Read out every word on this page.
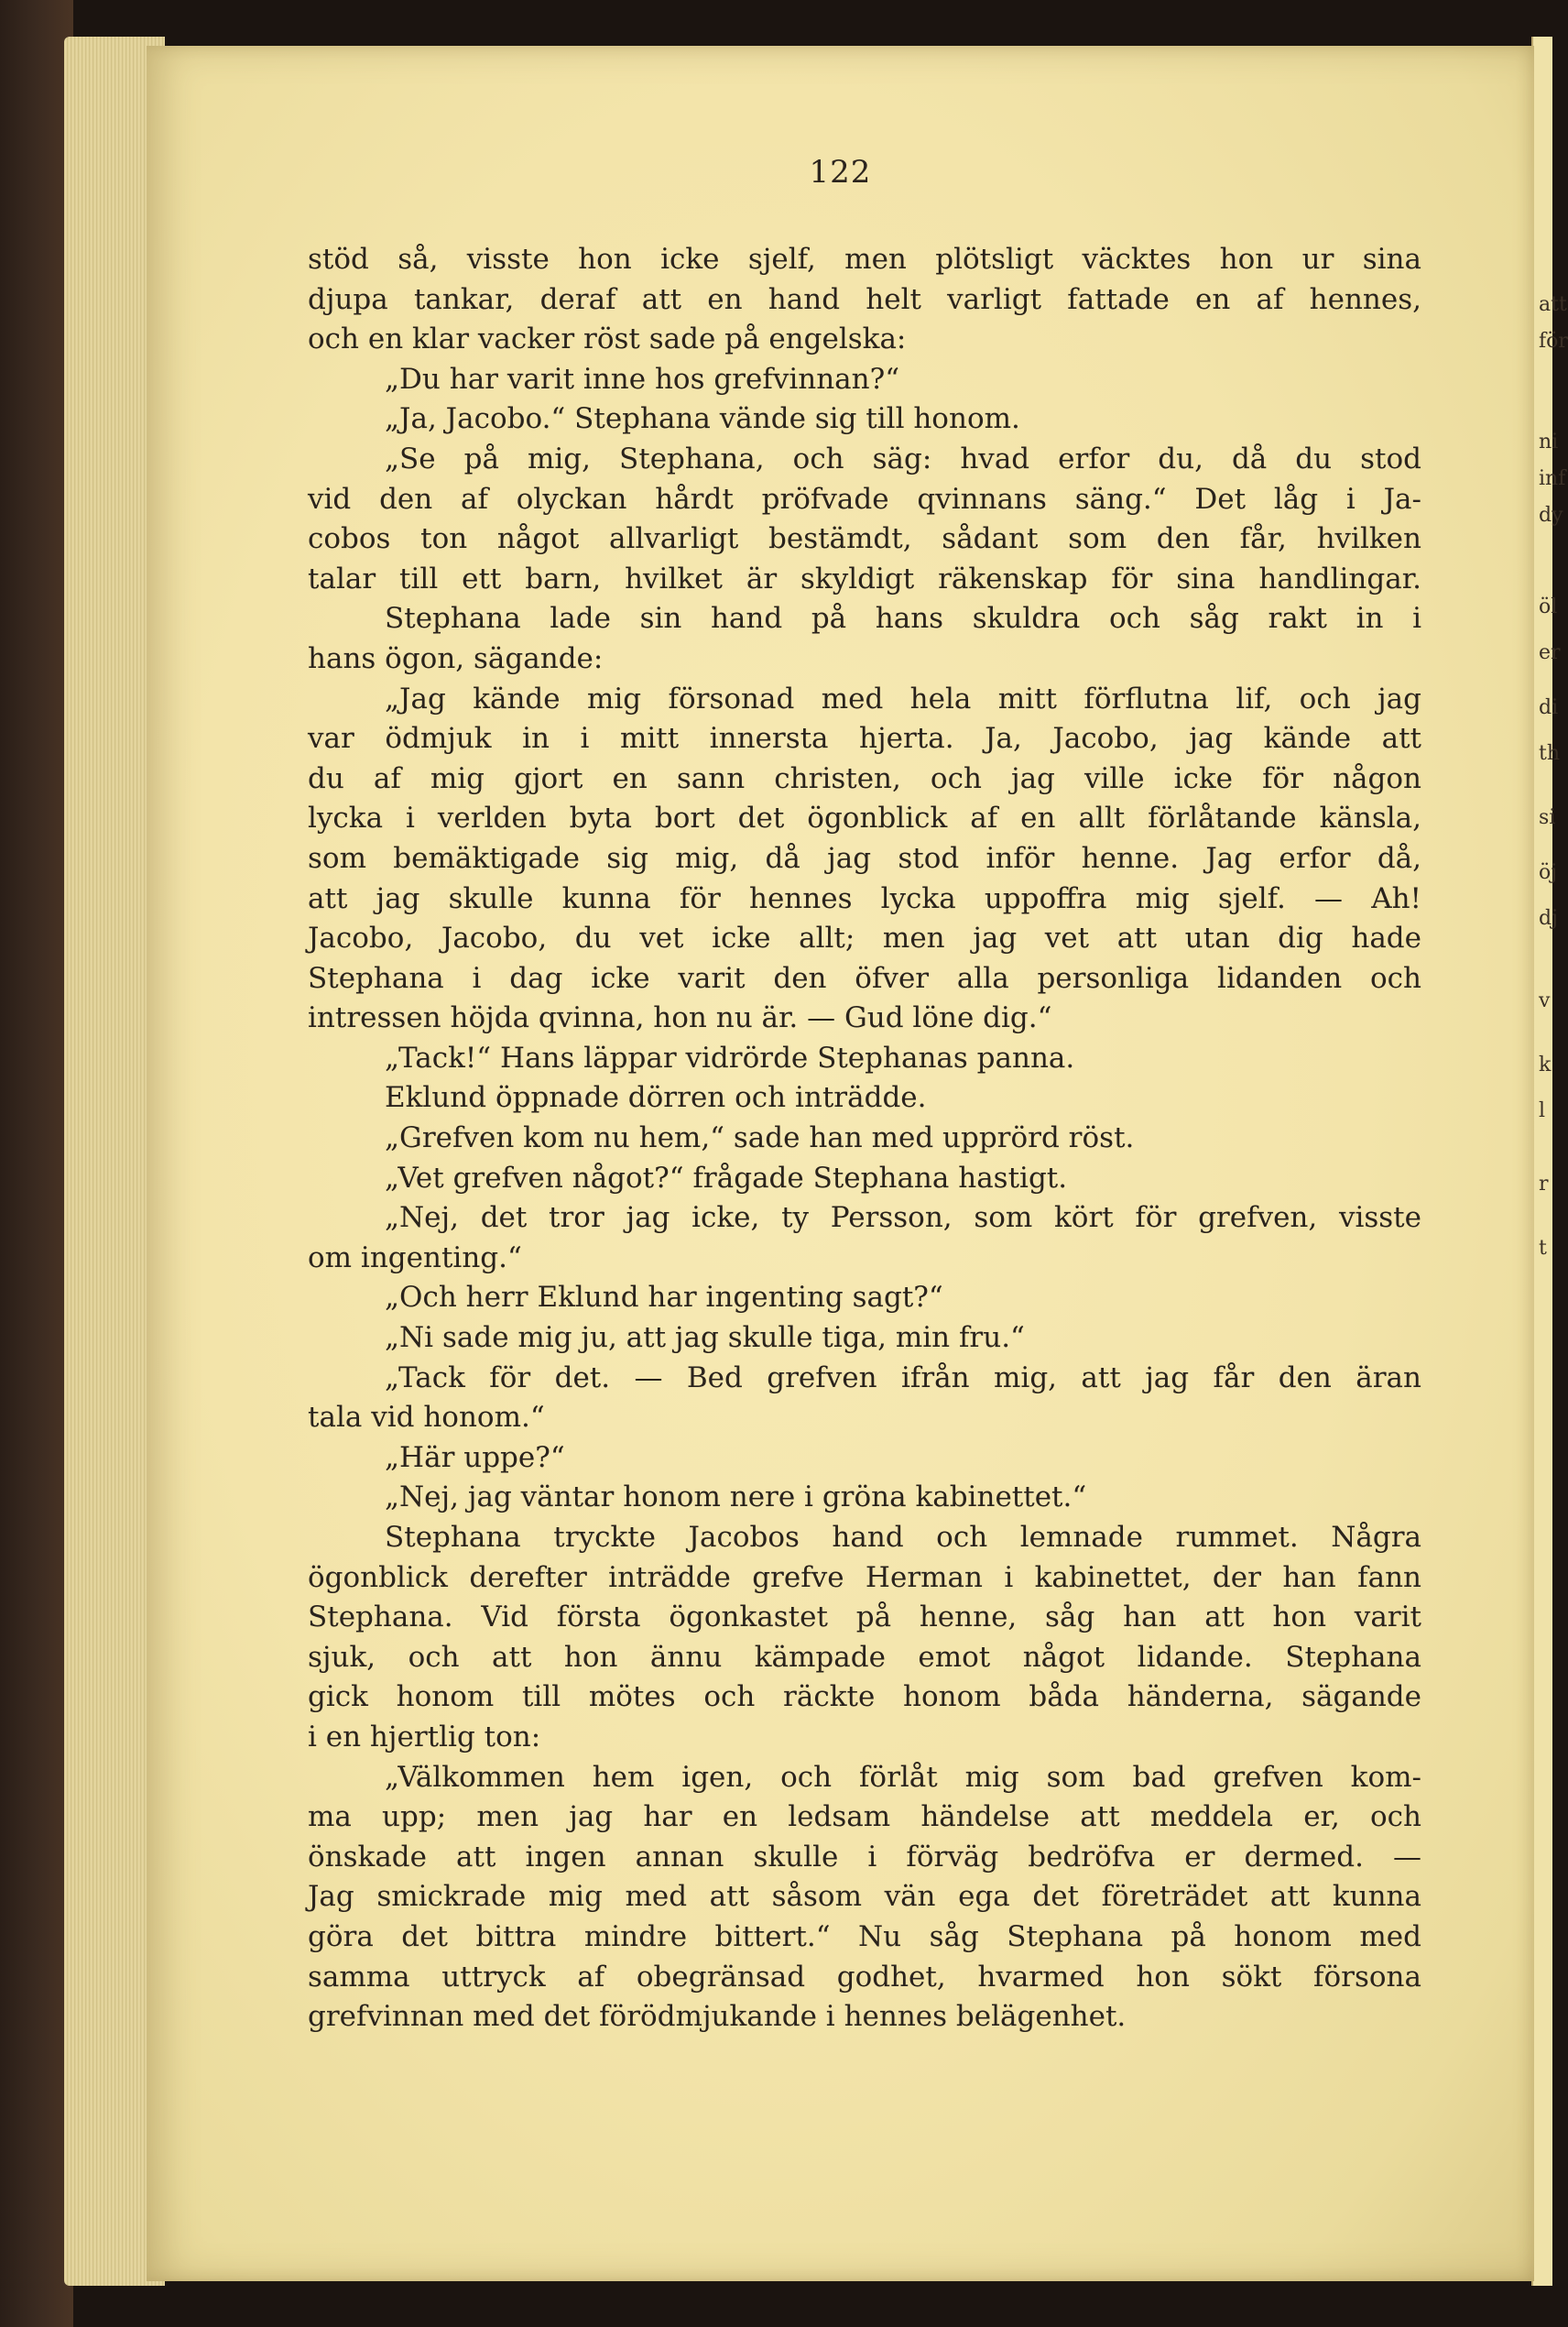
122
stöd så, visste hon icke sjelf, men plötsligt väcktes hon ur sina
djupa tankar, deraf att en hand helt varligt fattade en af hennes,
och en klar vacker röst sade på engelska:
„Du har varit inne hos grefvinnan?“
„Ja, Jacobo.“ Stephana vände sig till honom.
„Se på mig, Stephana, och säg: hvad erfor du, då du stod
vid den af olyckan hårdt pröfvade qvinnans säng.“ Det låg i Ja-
cobos ton något allvarligt bestämdt, sådant som den får, hvilken
talar till ett barn, hvilket är skyldigt räkenskap för sina handlingar.
Stephana lade sin hand på hans skuldra och såg rakt in i
hans ögon, sägande:
„Jag kände mig försonad med hela mitt förflutna lif, och jag
var ödmjuk in i mitt innersta hjerta. Ja, Jacobo, jag kände att
du af mig gjort en sann christen, och jag ville icke för någon
lycka i verlden byta bort det ögonblick af en allt förlåtande känsla,
som bemäktigade sig mig, då jag stod inför henne. Jag erfor då,
att jag skulle kunna för hennes lycka uppoffra mig sjelf. — Ah!
Jacobo, Jacobo, du vet icke allt; men jag vet att utan dig hade
Stephana i dag icke varit den öfver alla personliga lidanden och
intressen höjda qvinna, hon nu är. — Gud löne dig.“
„Tack!“ Hans läppar vidrörde Stephanas panna.
Eklund öppnade dörren och inträdde.
„Grefven kom nu hem,“ sade han med upprörd röst.
„Vet grefven något?“ frågade Stephana hastigt.
„Nej, det tror jag icke, ty Persson, som kört för grefven, visste
om ingenting.“
„Och herr Eklund har ingenting sagt?“
„Ni sade mig ju, att jag skulle tiga, min fru.“
„Tack för det. — Bed grefven ifrån mig, att jag får den äran
tala vid honom.“
„Här uppe?“
„Nej, jag väntar honom nere i gröna kabinettet.“
Stephana tryckte Jacobos hand och lemnade rummet. Några
ögonblick derefter inträdde grefve Herman i kabinettet, der han fann
Stephana. Vid första ögonkastet på henne, såg han att hon varit
sjuk, och att hon ännu kämpade emot något lidande. Stephana
gick honom till mötes och räckte honom båda händerna, sägande
i en hjertlig ton:
„Välkommen hem igen, och förlåt mig som bad grefven kom-
ma upp; men jag har en ledsam händelse att meddela er, och
önskade att ingen annan skulle i förväg bedröfva er dermed. —
Jag smickrade mig med att såsom vän ega det företrädet att kunna
göra det bittra mindre bittert.“ Nu såg Stephana på honom med
samma uttryck af obegränsad godhet, hvarmed hon sökt försona
grefvinnan med det förödmjukande i hennes belägenhet.
att
för
ni
inf
dy
öl
er
di
th
si
öj
dj
v
k
l
r
t
